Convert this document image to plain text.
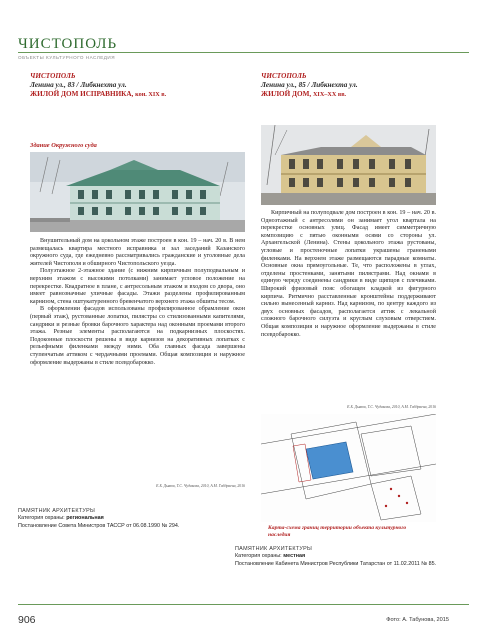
ЧИСТОПОЛЬ
ОБЪЕКТЫ КУЛЬТУРНОГО НАСЛЕДИЯ
ЧИСТОПОЛЬ
Ленина ул., 83 / Либкнехта ул.
ЖИЛОЙ ДОМ ИСПРАВНИКА, кон. XIX в.
Здание Окружного суда
ЧИСТОПОЛЬ
Ленина ул., 85 / Либкнехта ул.
ЖИЛОЙ ДОМ, XIX–XX вв.

Внушительный дом на цокольном этаже построен в кон. 19 – нач. 20 в. В нем размещалась квартира местного исправника и зал заседаний Казанского окружного суда, где ежедневно рассматривались гражданские и уголовные дела жителей Чистополя и обширного Чистопольского уезда.

Полуэтажное 2-этажное здание (с нижним кирпичным полуподвальным и верхним этажом с высокими потолками) занимает угловое положение на перекрестке. Квадратное в плане, с антресольным этажом и входом со двора, оно имеет равнозначные уличные фасады. Этажи разделены профилированным карнизом, стена оштукатуренного бревенчатого верхнего этажа обшиты тесом.

В оформлении фасадов использованы профилированное обрамление окон (первый этаж), рустованные лопатки, пилястры со стилизованными капителями, сандрики и резные бровки барочного характера над оконными проемами второго этажа. Резные элементы располагаются на подкарнизных плоскостях. Подоконные плоскости решены в виде карнизов на декоративных лопатках с рельефными филенками между ними. Оба главных фасада завершены ступенчатым аттиком с чердачными проемами. Общая композиция и наружное оформление выдержаны в стиле псевдобарокко.

Е.Б. Дьяков, Т.С. Чудакова, 2010, А.М. Габдраева, 2016

Кирпичный на полуподвале дом построен в кон. 19 – нач. 20 в. Одноэтажный с антресолями он занимает угол квартала на перекрестке основных улиц. Фасад имеет симметричную композицию с пятью оконными осями со стороны ул. Архангельской (Ленина). Стены цокольного этажа рустованы, угловые и простеночные лопатки украшены гранеными филенками. На верхнем этаже размещаются парадные комнаты. Основные окна прямоугольные. Те, что расположены в углах, отделены простенками, занятыми пилястрами. Над окнами в единую череду соединены сандрики в виде щипцов с плечиками. Широкий фризовый пояс обогащен кладкой из фигурного кирпича. Ритмично расставленные кронштейны поддерживают сильно вынесенный карниз. Над карнизом, по центру каждого из двух основных фасадов, располагается аттик с лекальной сложного барочного силуэта и круглым слуховым отверстием. Общая композиция и наружное оформление выдержаны в стиле псевдобарокко.

Е.Б. Дьяков, Т.С. Чудакова, 2010, А.М. Габдраева, 2016
Карта-схема границ территории объекта культурного наследия
ПАМЯТНИК АРХИТЕКТУРЫ
Категория охраны: региональная
Постановление Совета Министров ТАССР от 06.08.1990 № 294.
ПАМЯТНИК АРХИТЕКТУРЫ
Категория охраны: местная
Постановление Кабинета Министров Республики Татарстан от 11.02.2011 № 85.
906	Фото: А. Табунова, 2015
